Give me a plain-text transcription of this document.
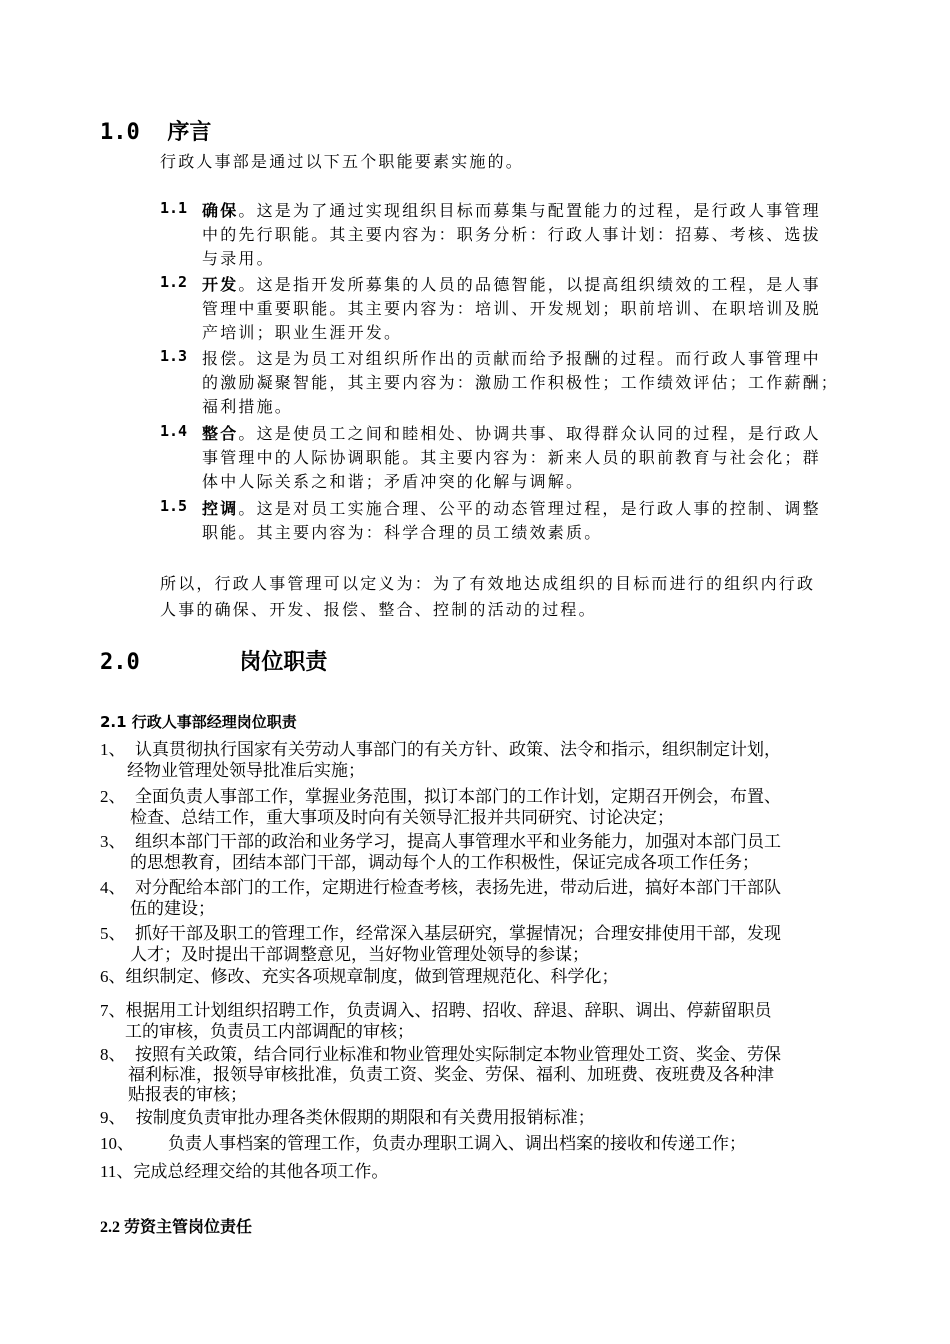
1.0 序言
行政人事部是通过以下五个职能要素实施的。
1.1 确保。这是为了通过实现组织目标而募集与配置能力的过程，是行政人事管理
中的先行职能。其主要内容为：职务分析：行政人事计划：招募、考核、选拔
与录用。
1.2 开发。这是指开发所募集的人员的品德智能，以提高组织绩效的工程，是人事
管理中重要职能。其主要内容为：培训、开发规划；职前培训、在职培训及脱
产培训；职业生涯开发。
1.3 报偿。这是为员工对组织所作出的贡献而给予报酬的过程。而行政人事管理中
的激励凝聚智能，其主要内容为：激励工作积极性；工作绩效评估；工作薪酬；
福利措施。
1.4 整合。这是使员工之间和睦相处、协调共事、取得群众认同的过程，是行政人
事管理中的人际协调职能。其主要内容为：新来人员的职前教育与社会化；群
体中人际关系之和谐；矛盾冲突的化解与调解。
1.5 控调。这是对员工实施合理、公平的动态管理过程，是行政人事的控制、调整
职能。其主要内容为：科学合理的员工绩效素质。
所以，行政人事管理可以定义为：为了有效地达成组织的目标而进行的组织内行政
人事的确保、开发、报偿、整合、控制的活动的过程。
2.0	岗位职责
2.1 行政人事部经理岗位职责
1、 认真贯彻执行国家有关劳动人事部门的有关方针、政策、法令和指示，组织制定计划，
经物业管理处领导批准后实施；
2、 全面负责人事部工作，掌握业务范围，拟订本部门的工作计划，定期召开例会，布置、
检查、总结工作，重大事项及时向有关领导汇报并共同研究、讨论决定；
3、 组织本部门干部的政治和业务学习，提高人事管理水平和业务能力，加强对本部门员工
的思想教育，团结本部门干部，调动每个人的工作积极性，保证完成各项工作任务；
4、 对分配给本部门的工作，定期进行检查考核，表扬先进，带动后进，搞好本部门干部队
伍的建设；
5、 抓好干部及职工的管理工作，经常深入基层研究，掌握情况；合理安排使用干部，发现
人才；及时提出干部调整意见，当好物业管理处领导的参谋；
6、组织制定、修改、充实各项规章制度，做到管理规范化、科学化；
7、根据用工计划组织招聘工作，负责调入、招聘、招收、辞退、辞职、调出、停薪留职员
工的审核，负责员工内部调配的审核；
8、 按照有关政策，结合同行业标准和物业管理处实际制定本物业管理处工资、奖金、劳保
福利标准，报领导审核批准，负责工资、奖金、劳保、福利、加班费、夜班费及各种津
贴报表的审核；
9、 按制度负责审批办理各类休假期的期限和有关费用报销标准；
10、 负责人事档案的管理工作，负责办理职工调入、调出档案的接收和传递工作；
11、完成总经理交给的其他各项工作。
2.2 劳资主管岗位责任
